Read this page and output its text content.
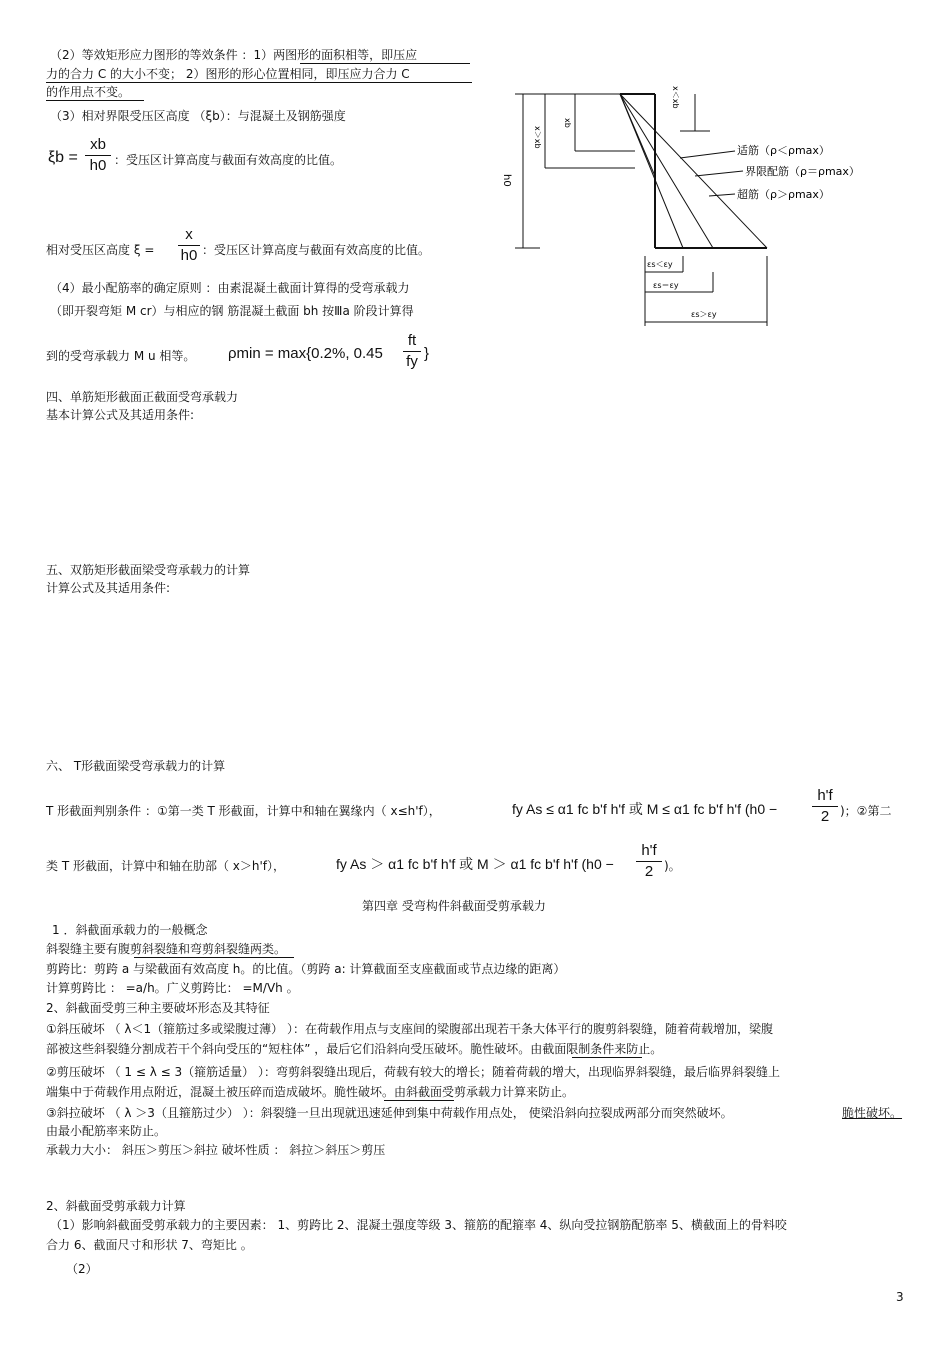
（2）等效矩形应力图形的等效条件 ：1）两图形的面积相等，即压应
力的合力 C 的大小不变； 2）图形的形心位置相同，即压应力合力 C
的作用点不变。
（3）相对界限受压区高度 （ξb）：与混凝土及钢筋强度
ξb =
xb
h0 ：受压区计算高度与截面有效高度的比值。
相对受压区高度 ξ =
x
h0 ：受压区计算高度与截面有效高度的比值。
（4）最小配筋率的确定原则 ：由素混凝土截面计算得的受弯承载力
（即开裂弯矩 M cr）与相应的钢 筋混凝土截面 bh 按Ⅲa 阶段计算得
到的受弯承载力 M u 相等。 ρmin = max{0.2%, 0.45
ft
fy }
h0
x＞xb
xb
x＜xb
适筋（ρ＜ρmax）
界限配筋（ρ＝ρmax）
超筋（ρ＞ρmax）
εs＜εy
εs＝εy
εs＞εy
四、单筋矩形截面正截面受弯承载力
基本计算公式及其适用条件:
五、双筋矩形截面梁受弯承载力的计算
计算公式及其适用条件:
六、 T形截面梁受弯承载力的计算
T 形截面判别条件 ：①第一类 T 形截面，计算中和轴在翼缘内（ x≤h'f），	fy As ≤ α1 fc b'f h'f 或 M ≤ α1 fc b'f h'f (h0 −
h'f
2 )；②第二
类 T 形截面，计算中和轴在肋部（ x＞h'f），	fy As ＞ α1 fc b'f h'f 或 M ＞ α1 fc b'f h'f (h0 −
h'f
2 )。
第四章 受弯构件斜截面受剪承载力
1 ．斜截面承载力的一般概念
斜裂缝主要有腹剪斜裂缝和弯剪斜裂缝两类。
剪跨比：剪跨 a 与梁截面有效高度 h。的比值。（剪跨 a: 计算截面至支座截面或节点边缘的距离）
计算剪跨比 ： =a/h。广义剪跨比： =M/Vh 。
2、斜截面受剪三种主要破坏形态及其特征
①斜压破坏 （ λ＜1（箍筋过多或梁腹过薄） ）：在荷载作用点与支座间的梁腹部出现若干条大体平行的腹剪斜裂缝，随着荷载增加，梁腹
部被这些斜裂缝分割成若干个斜向受压的“短柱体” ，最后它们沿斜向受压破坏。脆性破坏。由截面限制条件来防止。
②剪压破坏 （ 1 ≤ λ ≤ 3（箍筋适量） ）：弯剪斜裂缝出现后，荷载有较大的增长；随着荷载的增大，出现临界斜裂缝，最后临界斜裂缝上
端集中于荷载作用点附近，混凝土被压碎而造成破坏。脆性破坏。由斜截面受剪承载力计算来防止。
③斜拉破坏 （ λ ＞3（且箍筋过少） ）：斜裂缝一旦出现就迅速延伸到集中荷载作用点处， 使梁沿斜向拉裂成两部分而突然破坏。	脆性破坏。
由最小配筋率来防止。
承载力大小： 斜压＞剪压＞斜拉 破坏性质 ： 斜拉＞斜压＞剪压
2、斜截面受剪承载力计算
（1）影响斜截面受剪承载力的主要因素： 1、剪跨比 2、混凝土强度等级 3、箍筋的配箍率 4、纵向受拉钢筋配筋率 5、横截面上的骨料咬
合力 6、截面尺寸和形状 7、弯矩比 。
（2）
3
